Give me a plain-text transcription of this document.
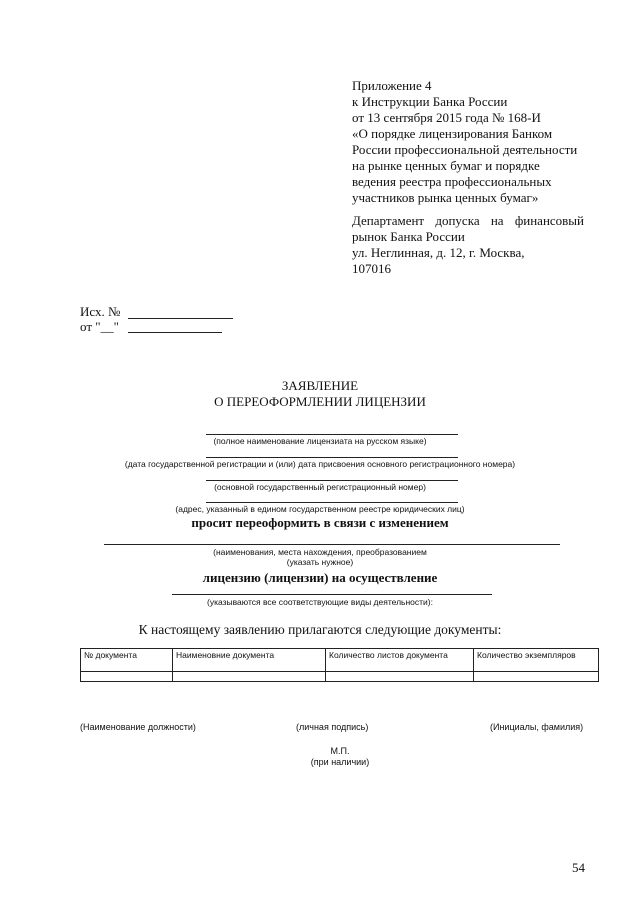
Приложение 4
к Инструкции Банка России
от 13 сентября 2015 года № 168-И
«О порядке лицензирования Банком
России профессиональной деятельности
на рынке ценных бумаг и порядке
ведения реестра профессиональных
участников рынка ценных бумаг»
Департамент допуска на финансовый
рынок Банка России
ул. Неглинная, д. 12, г. Москва,
107016
Исх. №
от "__"
ЗАЯВЛЕНИЕ
О ПЕРЕОФОРМЛЕНИИ ЛИЦЕНЗИИ
(полное наименование лицензиата на русском языке)
(дата государственной регистрации и (или) дата присвоения основного регистрационного номера)
(основной государственный регистрационный номер)
(адрес, указанный в едином государственном реестре юридических лиц)
просит переоформить в связи с изменением
(наименования, места нахождения, преобразованием
(указать нужное)
лицензию (лицензии) на осуществление
(указываются все соответствующие виды деятельности):
К настоящему заявлению прилагаются следующие документы:
№ документа	Наименовние документа	Количество листов документа	Количество экземпляров

(Наименование должности)	(личная подпись)	(Инициалы, фамилия)
М.П.
(при наличии)
54
